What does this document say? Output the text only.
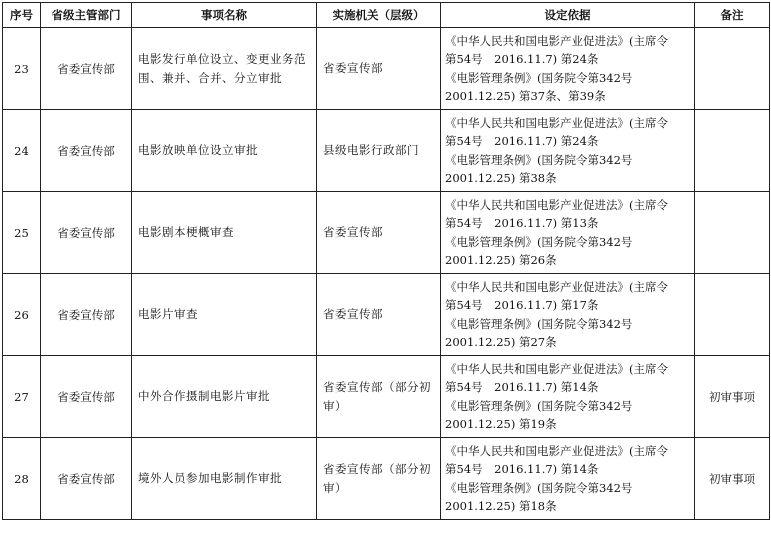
序号	省级主管部门	事项名称	实施机关（层级）	设定依据	备注
23	省委宣传部	电影发行单位设立、变更业务范围、兼并、合并、分立审批	省委宣传部	《中华人民共和国电影产业促进法》(主席令
第54号　2016.11.7) 第24条
《电影管理条例》(国务院令第342号
2001.12.25) 第37条、第39条	

24	省委宣传部	电影放映单位设立审批	县级电影行政部门	《中华人民共和国电影产业促进法》(主席令
第54号　2016.11.7) 第24条
《电影管理条例》(国务院令第342号
2001.12.25) 第38条	

25	省委宣传部	电影剧本梗概审查	省委宣传部	《中华人民共和国电影产业促进法》(主席令
第54号　2016.11.7) 第13条
《电影管理条例》(国务院令第342号
2001.12.25) 第26条	

26	省委宣传部	电影片审查	省委宣传部	《中华人民共和国电影产业促进法》(主席令
第54号　2016.11.7) 第17条
《电影管理条例》(国务院令第342号
2001.12.25) 第27条	

27	省委宣传部	中外合作摄制电影片审批	省委宣传部（部分初审）	《中华人民共和国电影产业促进法》(主席令
第54号　2016.11.7) 第14条
《电影管理条例》(国务院令第342号
2001.12.25) 第19条	初审事项
28	省委宣传部	境外人员参加电影制作审批	省委宣传部（部分初审）	《中华人民共和国电影产业促进法》(主席令
第54号　2016.11.7) 第14条
《电影管理条例》(国务院令第342号
2001.12.25) 第18条	初审事项
